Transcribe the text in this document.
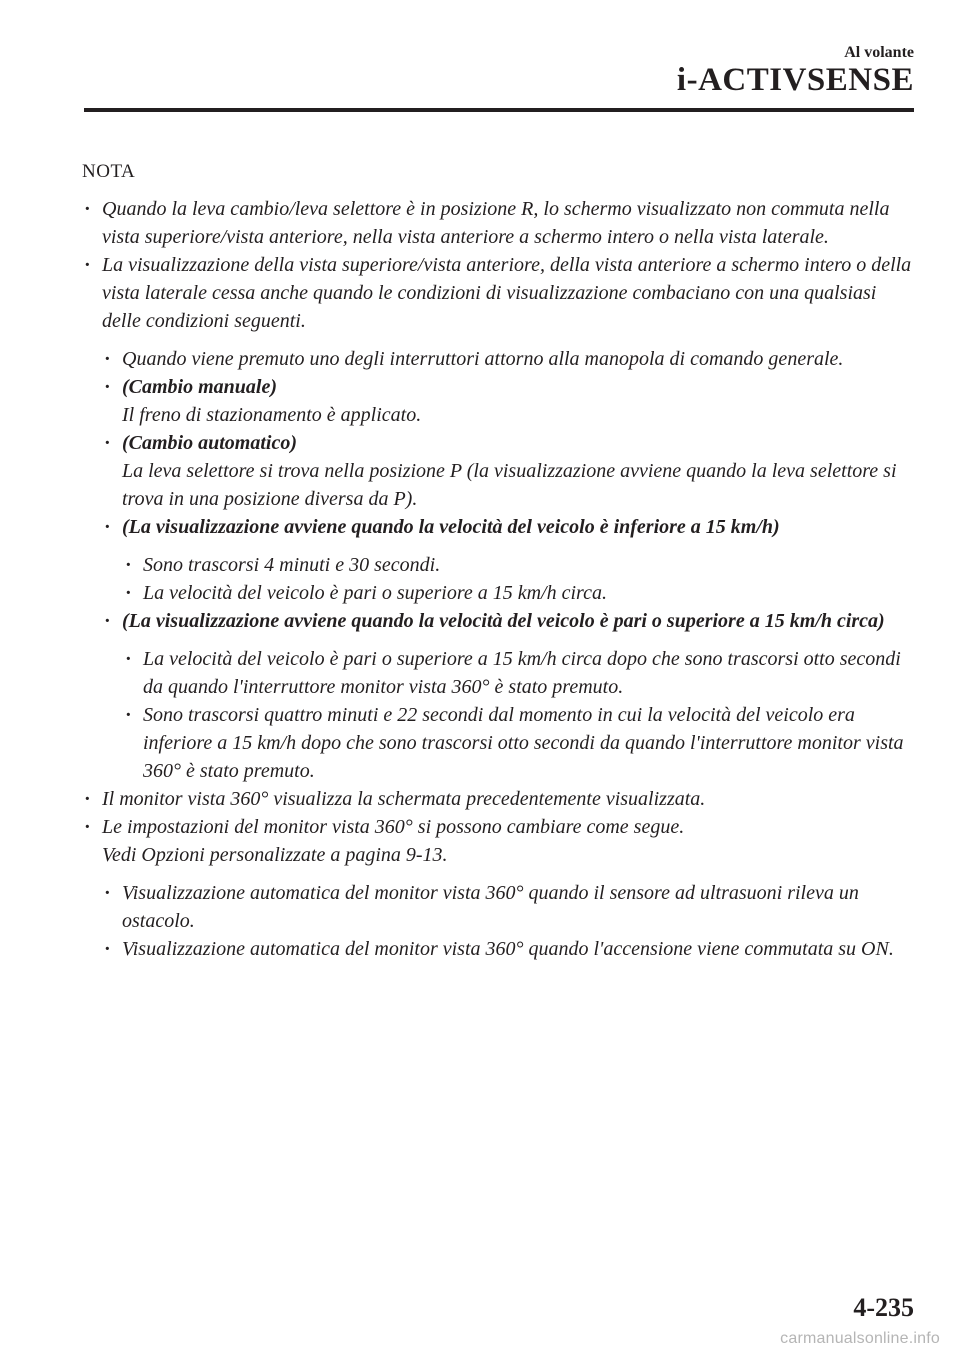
Al volante
i-ACTIVSENSE
NOTA

· Quando la leva cambio/leva selettore è in posizione R, lo schermo visualizzato non commuta nella vista superiore/vista anteriore, nella vista anteriore a schermo intero o nella vista laterale.

· La visualizzazione della vista superiore/vista anteriore, della vista anteriore a schermo intero o della vista laterale cessa anche quando le condizioni di visualizzazione combaciano con una qualsiasi delle condizioni seguenti.

· Quando viene premuto uno degli interruttori attorno alla manopola di comando generale.

· (Cambio manuale)
Il freno di stazionamento è applicato.

· (Cambio automatico)
La leva selettore si trova nella posizione P (la visualizzazione avviene quando la leva selettore si trova in una posizione diversa da P).

· (La visualizzazione avviene quando la velocità del veicolo è inferiore a 15 km/h)

· Sono trascorsi 4 minuti e 30 secondi.

· La velocità del veicolo è pari o superiore a 15 km/h circa.

· (La visualizzazione avviene quando la velocità del veicolo è pari o superiore a 15 km/h circa)

· La velocità del veicolo è pari o superiore a 15 km/h circa dopo che sono trascorsi otto secondi da quando l'interruttore monitor vista 360° è stato premuto.

· Sono trascorsi quattro minuti e 22 secondi dal momento in cui la velocità del veicolo era inferiore a 15 km/h dopo che sono trascorsi otto secondi da quando l'interruttore monitor vista 360° è stato premuto.

· Il monitor vista 360° visualizza la schermata precedentemente visualizzata.

· Le impostazioni del monitor vista 360° si possono cambiare come segue.
Vedi Opzioni personalizzate a pagina 9-13.

· Visualizzazione automatica del monitor vista 360° quando il sensore ad ultrasuoni rileva un ostacolo.

· Visualizzazione automatica del monitor vista 360° quando l'accensione viene commutata su ON.

4-235
carmanualsonline.info
